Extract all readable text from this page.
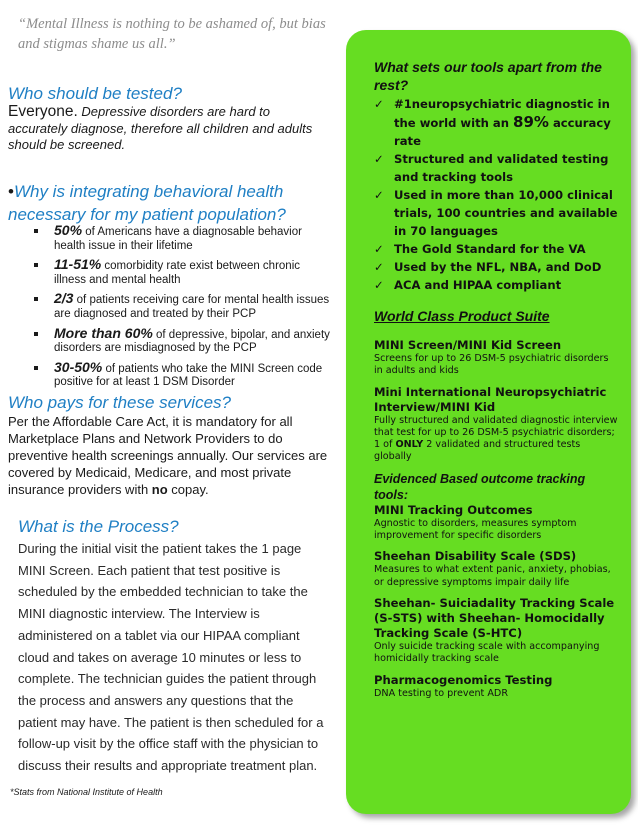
“Mental Illness is nothing to be ashamed of, but bias and stigmas shame us all.”
Who should be tested?
Everyone. Depressive disorders are hard to accurately diagnose, therefore all children and adults should be screened.
•Why is integrating behavioral health necessary for my patient population?
50% of Americans have a diagnosable behavior health issue in their lifetime
11-51% comorbidity rate exist between chronic illness and mental health
2/3 of patients receiving care for mental health issues are diagnosed and treated by their PCP
More than 60% of depressive, bipolar, and anxiety disorders are misdiagnosed by the PCP
30-50% of patients who take the MINI Screen code positive for at least 1 DSM Disorder
Who pays for these services?
Per the Affordable Care Act, it is mandatory for all Marketplace Plans and Network Providers to do preventive health screenings annually. Our services are covered by Medicaid, Medicare, and most private insurance providers with no copay.
What is the Process?
During the initial visit the patient takes the 1 page MINI Screen. Each patient that test positive is scheduled by the embedded technician to take the MINI diagnostic interview. The Interview is administered on a tablet via our HIPAA compliant cloud and takes on average 10 minutes or less to complete. The technician guides the patient through the process and answers any questions that the patient may have. The patient is then scheduled for a follow-up visit by the office staff with the physician to discuss their results and appropriate treatment plan.
*Stats from National Institute of Health
What sets our tools apart from the rest?
✓ #1neuropsychiatric diagnostic in the world with an 89% accuracy rate
✓ Structured and validated testing and tracking tools
✓ Used in more than 10,000 clinical trials, 100 countries and available in 70 languages
✓ The Gold Standard for the VA
✓ Used by the NFL, NBA, and DoD
✓ ACA and HIPAA compliant
World Class Product Suite
MINI Screen/MINI Kid Screen
Screens for up to 26 DSM-5 psychiatric disorders in adults and kids
Mini International Neuropsychiatric Interview/MINI Kid
Fully structured and validated diagnostic interview that test for up to 26 DSM-5 psychiatric disorders; 1 of ONLY 2 validated and structured tests globally
Evidenced Based outcome tracking tools:
MINI Tracking Outcomes
Agnostic to disorders, measures symptom improvement for specific disorders
Sheehan Disability Scale (SDS)
Measures to what extent panic, anxiety, phobias, or depressive symptoms impair daily life
Sheehan- Suiciadality Tracking Scale (S-STS) with Sheehan- Homocidally Tracking Scale (S-HTC)
Only suicide tracking scale with accompanying homicidally tracking scale
Pharmacogenomics Testing
DNA testing to prevent ADR
